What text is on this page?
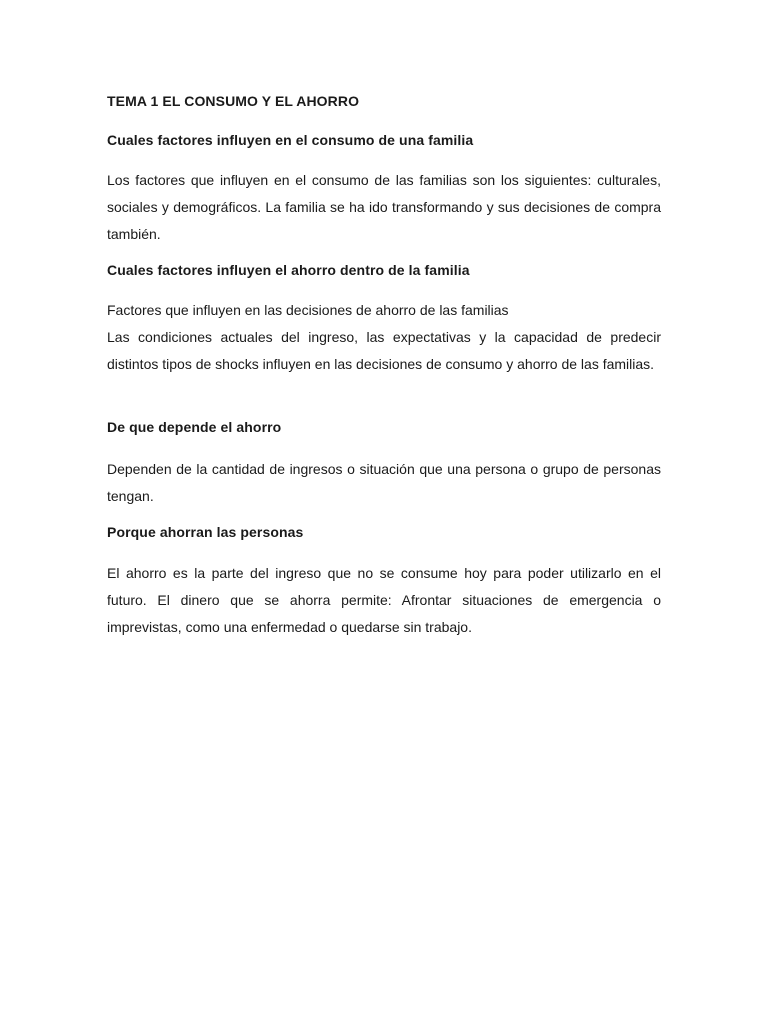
TEMA 1 EL CONSUMO Y EL AHORRO
Cuales factores influyen en el consumo de una familia

Los factores que influyen en el consumo de las familias son los siguientes: culturales, sociales y demográficos. La familia se ha ido transformando y sus decisiones de compra también.

Cuales factores influyen el ahorro dentro de la familia

Factores que influyen en las decisiones de ahorro de las familias

Las condiciones actuales del ingreso, las expectativas y la capacidad de predecir distintos tipos de shocks influyen en las decisiones de consumo y ahorro de las familias.

De que depende el ahorro

Dependen de la cantidad de ingresos o situación que una persona o grupo de personas tengan.

Porque ahorran las personas

El ahorro es la parte del ingreso que no se consume hoy para poder utilizarlo en el futuro. El dinero que se ahorra permite: Afrontar situaciones de emergencia o imprevistas, como una enfermedad o quedarse sin trabajo.
